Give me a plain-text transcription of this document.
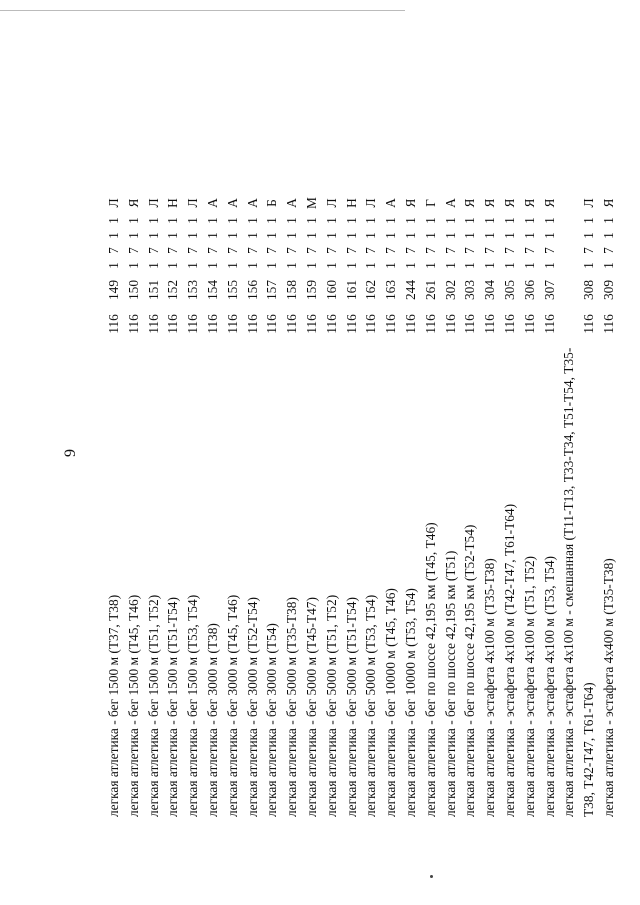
9
легкая атлетика - бег 1500 м (Т37, Т38)
116
149
1
7
1
1
Л
легкая атлетика - бег 1500 м (Т45, Т46)
116
150
1
7
1
1
Я
легкая атлетика - бег 1500 м (Т51, Т52)
116
151
1
7
1
1
Л
легкая атлетика - бег 1500 м (Т51-Т54)
116
152
1
7
1
1
Н
легкая атлетика - бег 1500 м (Т53, Т54)
116
153
1
7
1
1
Л
легкая атлетика - бег 3000 м (Т38)
116
154
1
7
1
1
А
легкая атлетика - бег 3000 м (Т45, Т46)
116
155
1
7
1
1
А
легкая атлетика - бег 3000 м (Т52-Т54)
116
156
1
7
1
1
А
легкая атлетика - бег 3000 м (Т54)
116
157
1
7
1
1
Б
легкая атлетика - бег 5000 м (Т35-Т38)
116
158
1
7
1
1
А
легкая атлетика - бег 5000 м (Т45-Т47)
116
159
1
7
1
1
М
легкая атлетика - бег 5000 м (Т51, Т52)
116
160
1
7
1
1
Л
легкая атлетика - бег 5000 м (Т51-Т54)
116
161
1
7
1
1
Н
легкая атлетика - бег 5000 м (Т53, Т54)
116
162
1
7
1
1
Л
легкая атлетика - бег 10000 м (Т45, Т46)
116
163
1
7
1
1
А
легкая атлетика - бег 10000 м (Т53, Т54)
116
244
1
7
1
1
Я
легкая атлетика - бег по шоссе 42,195 км (Т45, Т46)
116
261
1
7
1
1
Г
легкая атлетика - бег по шоссе 42,195 км (Т51)
116
302
1
7
1
1
А
легкая атлетика - бег по шоссе 42,195 км (Т52-Т54)
116
303
1
7
1
1
Я
легкая атлетика - эстафета 4х100 м (Т35-Т38)
116
304
1
7
1
1
Я
легкая атлетика - эстафета 4х100 м (Т42-Т47, Т61-Т64)
116
305
1
7
1
1
Я
легкая атлетика - эстафета 4х100 м (Т51, Т52)
116
306
1
7
1
1
Я
легкая атлетика - эстафета 4х100 м (Т53, Т54)
116
307
1
7
1
1
Я
легкая атлетика - эстафета 4х100 м - смешанная (Т11-Т13, Т33-Т34, Т51-Т54, Т35- Т38, Т42-Т47, Т61-Т64)
116
308
1
7
1
1
Л
легкая атлетика - эстафета 4х400 м (Т35-Т38)
116
309
1
7
1
1
Я
